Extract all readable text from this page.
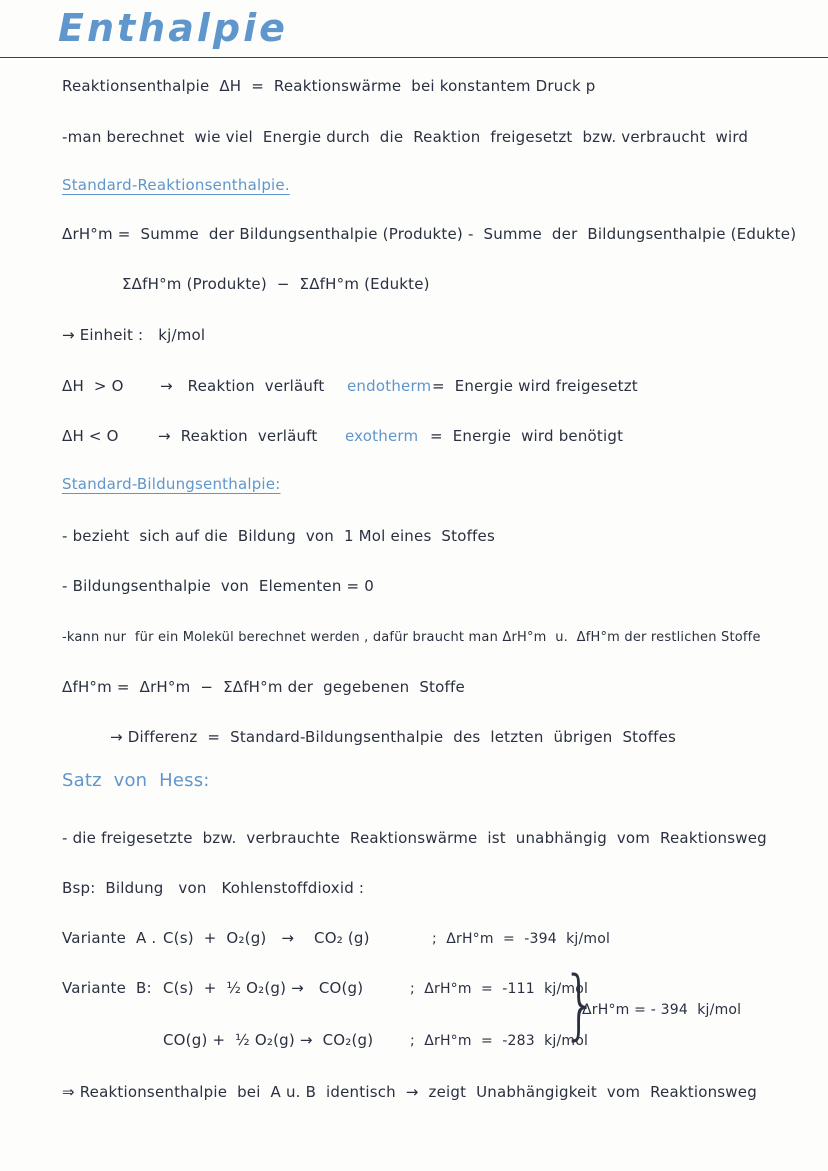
Enthalpie
Reaktionsenthalpie  ΔH  =  Reaktionswärme  bei konstantem Druck p
-man berechnet  wie viel  Energie durch  die  Reaktion  freigesetzt  bzw. verbraucht  wird
Standard-Reaktionsenthalpie.
ΔrH°m =  Summe  der Bildungsenthalpie (Produkte) -  Summe  der  Bildungsenthalpie (Edukte)
ΣΔfH°m (Produkte)  −  ΣΔfH°m (Edukte)
→ Einheit :   kj/mol
ΔH  > O →   Reaktion  verläuft endotherm =  Energie wird freigesetzt
ΔH < O	→  Reaktion  verläuft exotherm =  Energie  wird benötigt
Standard-Bildungsenthalpie:
- bezieht  sich auf die  Bildung  von  1 Mol eines  Stoffes
- Bildungsenthalpie  von  Elementen = 0
-kann nur  für ein Molekül berechnet werden , dafür braucht man ΔrH°m  u.  ΔfH°m der restlichen Stoffe
ΔfH°m =  ΔrH°m  −  ΣΔfH°m der  gegebenen  Stoffe
→ Differenz  =  Standard-Bildungsenthalpie  des  letzten  übrigen  Stoffes
Satz  von  Hess:
- die freigesetzte  bzw.  verbrauchte  Reaktionswärme  ist  unabhängig  vom  Reaktionsweg
Bsp:  Bildung   von   Kohlenstoffdioxid :
Variante  A . C(s)  +  O₂(g)   →    CO₂ (g)	;  ΔrH°m  =  -394  kj/mol
Variante  B: C(s)  +  ½ O₂(g) →   CO(g)	;  ΔrH°m  =  -111  kj/mol
CO(g) +  ½ O₂(g) →  CO₂(g)	;  ΔrH°m  =  -283  kj/mol
}
ΔrH°m = - 394  kj/mol
⇒ Reaktionsenthalpie  bei  A u. B  identisch  →  zeigt  Unabhängigkeit  vom  Reaktionsweg
